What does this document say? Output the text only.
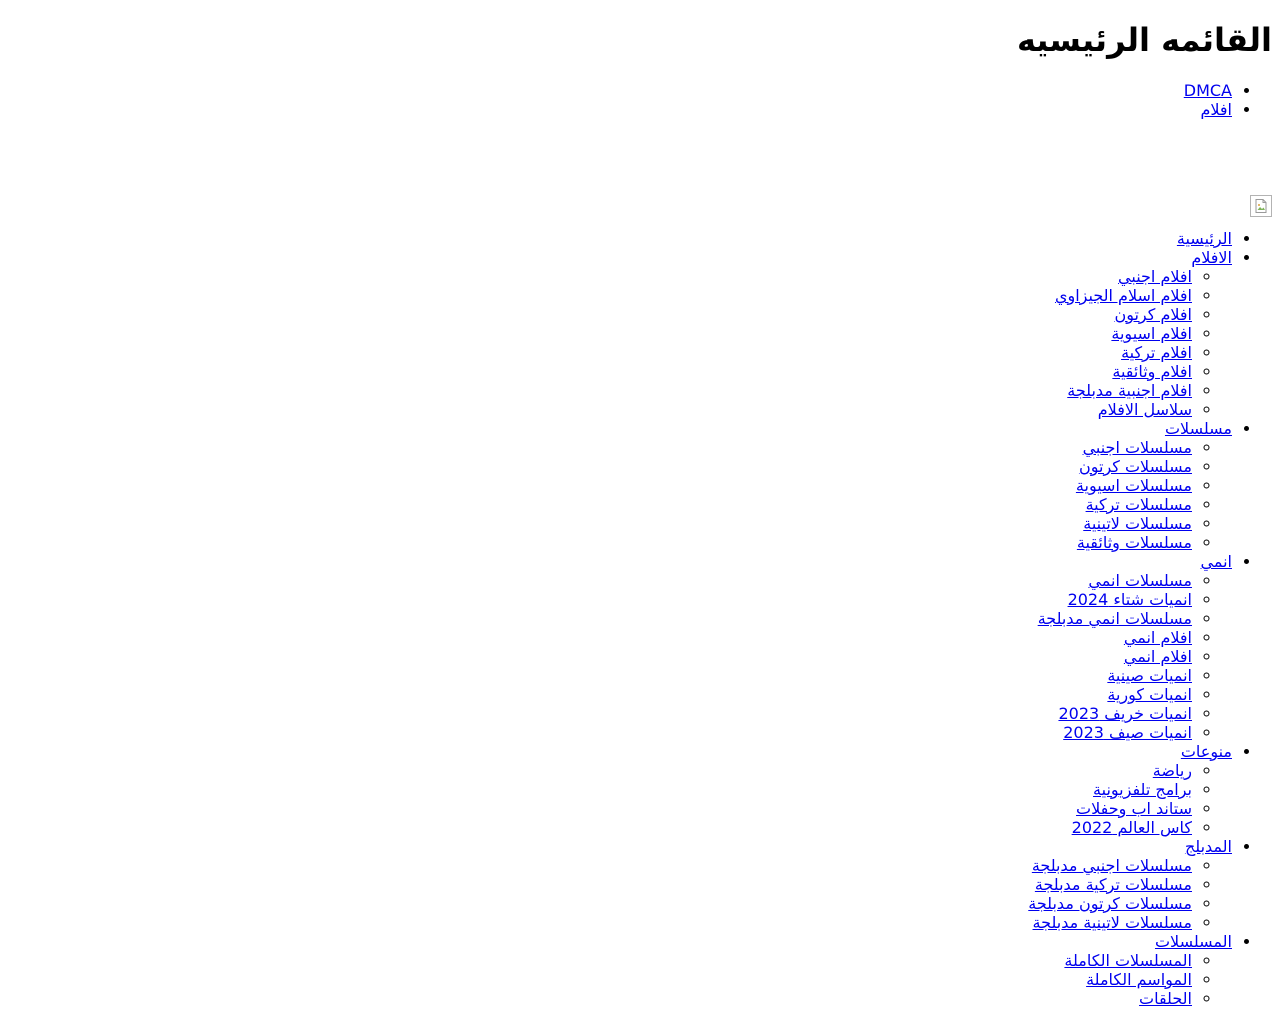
القائمه الرئيسيه
• DMCA
• افلام
• الرئيسية
• الافلام
◦ افلام اجنبي
◦ افلام اسلام الجيزاوي
◦ افلام كرتون
◦ افلام اسيوية
◦ افلام تركية
◦ افلام وثائقية
◦ افلام اجنبية مدبلجة
◦ سلاسل الافلام
• مسلسلات
◦ مسلسلات اجنبي
◦ مسلسلات كرتون
◦ مسلسلات اسيوية
◦ مسلسلات تركية
◦ مسلسلات لاتينية
◦ مسلسلات وثائقية
• انمي
◦ مسلسلات انمي
◦ انميات شتاء 2024
◦ مسلسلات انمي مدبلجة
◦ افلام انمي
◦ افلام انمي
◦ انميات صينية
◦ انميات كورية
◦ انميات خريف 2023
◦ انميات صيف 2023
• منوعات
◦ رياضة
◦ برامج تلفزيونية
◦ ستاند اب وحفلات
◦ كاس العالم 2022
• المدبلج
◦ مسلسلات اجنبي مدبلجة
◦ مسلسلات تركية مدبلجة
◦ مسلسلات كرتون مدبلجة
◦ مسلسلات لاتينية مدبلجة
• المسلسلات
◦ المسلسلات الكاملة
◦ المواسم الكاملة
◦ الحلقات
